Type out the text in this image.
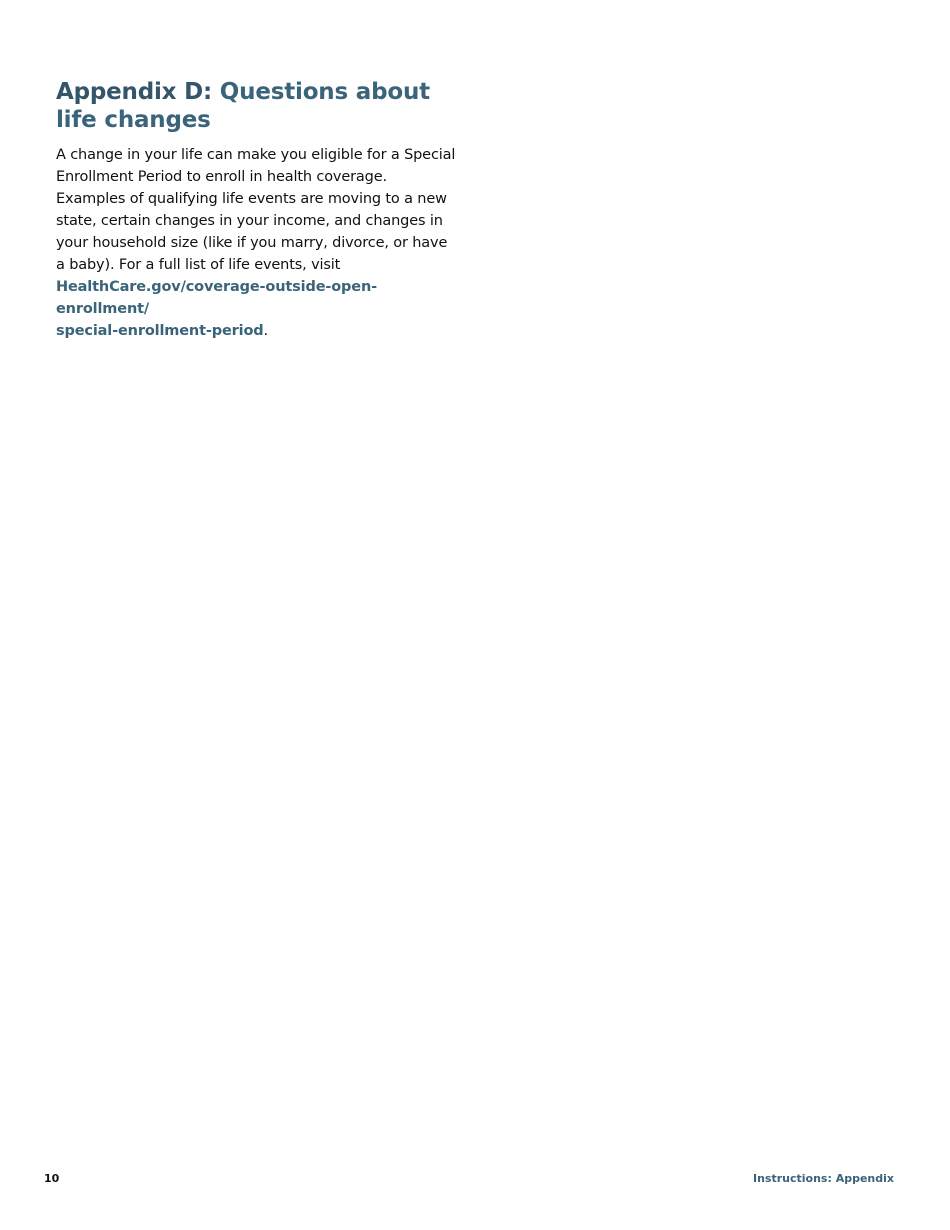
Appendix D: Questions about life changes

A change in your life can make you eligible for a Special Enrollment Period to enroll in health coverage. Examples of qualifying life events are moving to a new state, certain changes in your income, and changes in your household size (like if you marry, divorce, or have a baby). For a full list of life events, visit
HealthCare.gov/coverage-outside-open-enrollment/
special-enrollment-period.

10	Instructions: Appendix
